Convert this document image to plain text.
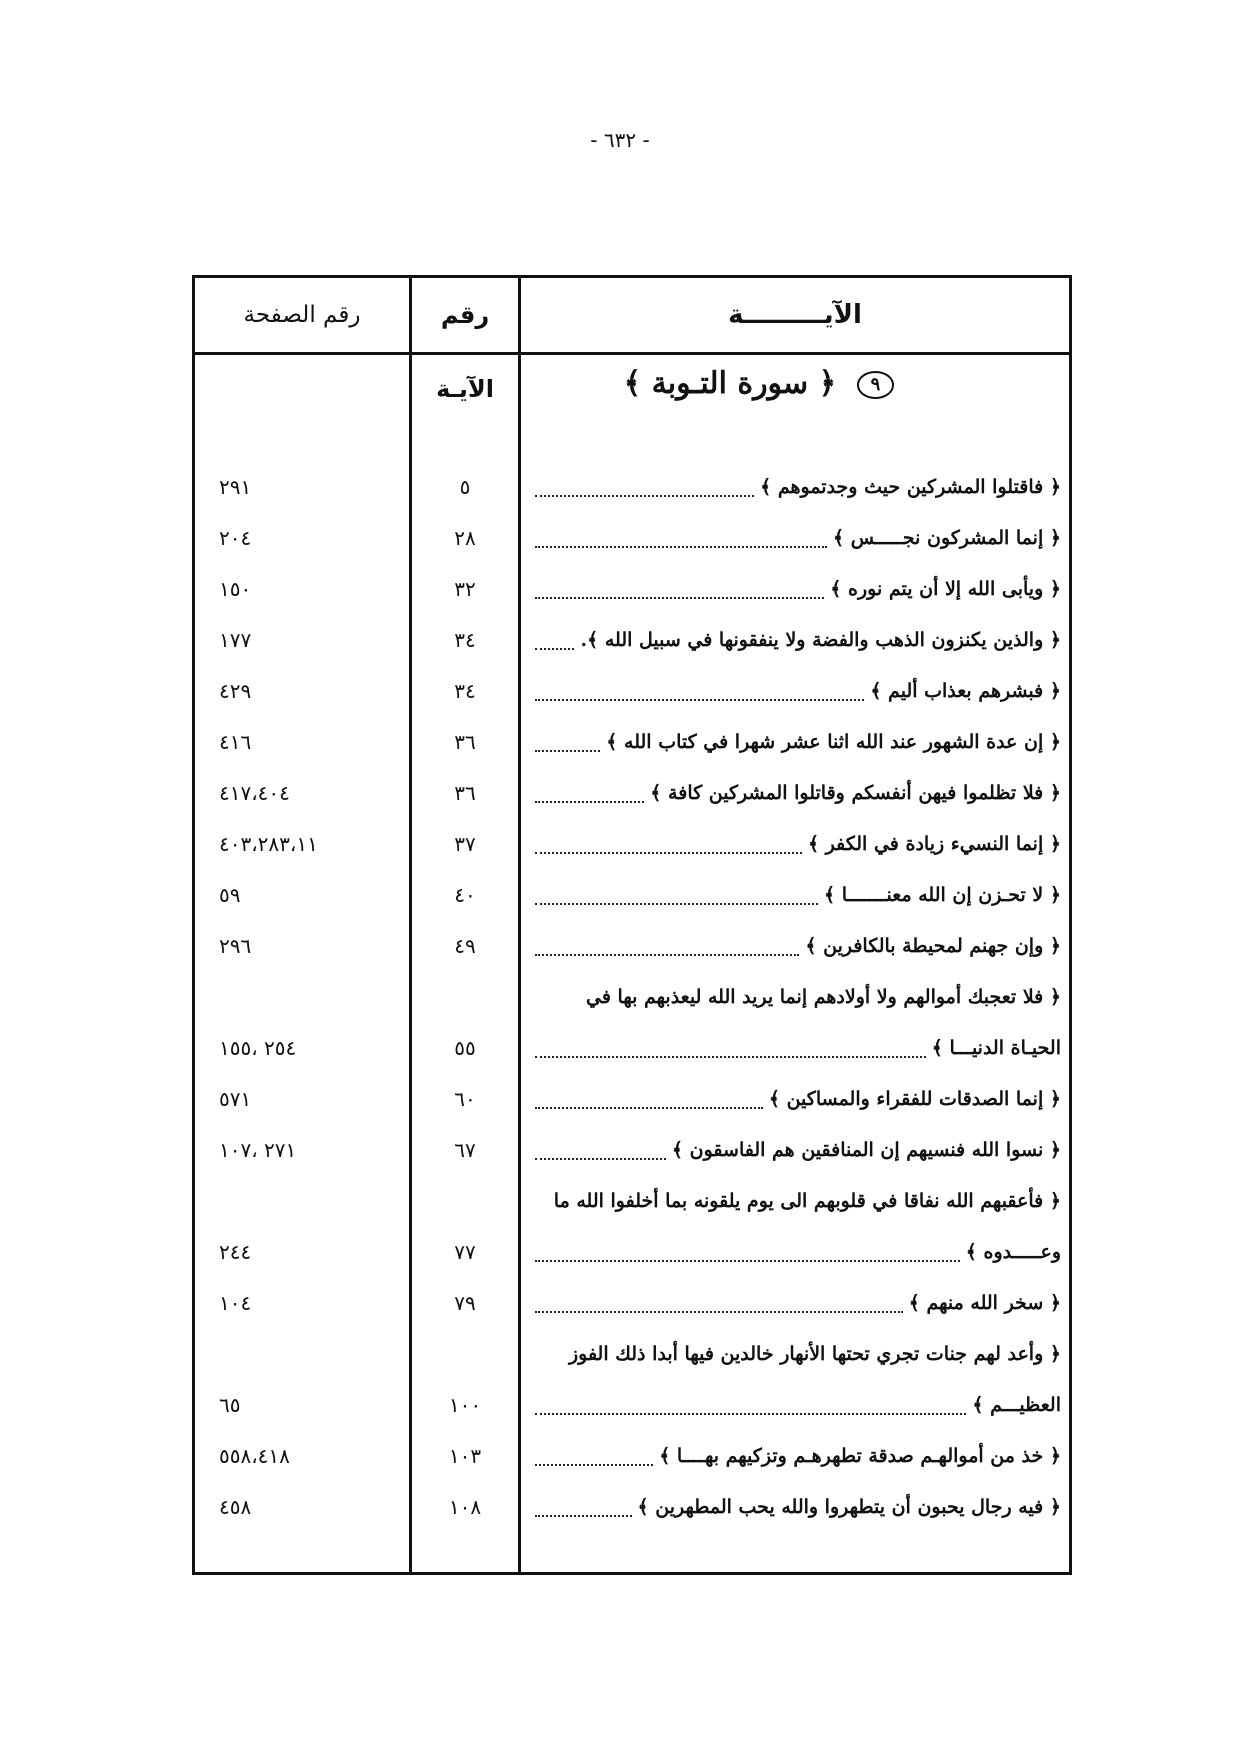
- ٦٣٢ -
الآيـــــــــة
رقم الآيـة
رقم الصفحة
٩ ﴿ سورة التـوبة ﴾
﴿ فاقتلوا المشركين حيث وجدتموهم ﴾
٥
٢٩١
﴿ إنما المشركون نجـــــس ﴾
٢٨
٢٠٤
﴿ ويأبى الله إلا أن يتم نوره ﴾
٣٢
١٥٠
﴿ والذين يكنزون الذهب والفضة ولا ينفقونها في سبيل الله ﴾.
٣٤
١٧٧
﴿ فبشرهم بعذاب أليم ﴾
٣٤
٤٢٩
﴿ إن عدة الشهور عند الله اثنا عشر شهرا في كتاب الله ﴾
٣٦
٤١٦
﴿ فلا تظلموا فيهن أنفسكم وقاتلوا المشركين كافة ﴾
٣٦
٤١٧،٤٠٤
﴿ إنما النسيء زيادة في الكفر ﴾
٣٧
٤٠٣،٢٨٣،١١
﴿ لا تحـزن إن الله معنـــــــا ﴾
٤٠
٥٩
﴿ وإن جهنم لمحيطة بالكافرين ﴾
٤٩
٢٩٦
﴿ فلا تعجبك أموالهم ولا أولادهم إنما يريد الله ليعذبهم بها في
الحيـاة الدنيـــا ﴾
٥٥
٢٥٤ ،١٥٥
﴿ إنما الصدقات للفقراء والمساكين ﴾
٦٠
٥٧١
﴿ نسوا الله فنسيهم إن المنافقين هم الفاسقون ﴾
٦٧
٢٧١ ،١٠٧
﴿ فأعقبهم الله نفاقا في قلوبهم الى يوم يلقونه بما أخلفوا الله ما
وعـــــدوه ﴾
٧٧
٢٤٤
﴿ سخر الله منهم ﴾
٧٩
١٠٤
﴿ وأعد لهم جنات تجري تحتها الأنهار خالدين فيها أبدا ذلك الفوز
العظيـــم ﴾
١٠٠
٦٥
﴿ خذ من أموالهـم صدقة تطهرهـم وتزكيهم بهــــا ﴾
١٠٣
٥٥٨،٤١٨
﴿ فيه رجال يحبون أن يتطهروا والله يحب المطهرين ﴾
١٠٨
٤٥٨
